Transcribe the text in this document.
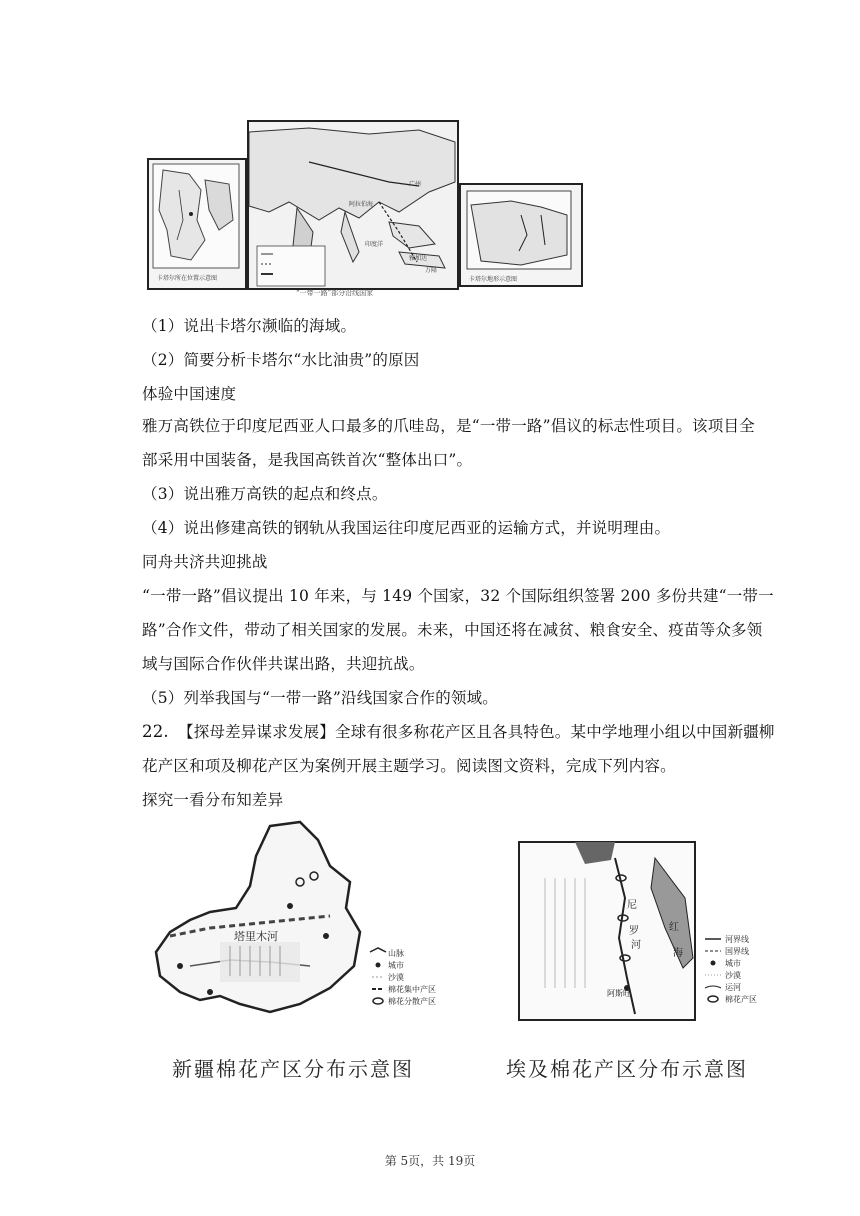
卡塔尔所在位置示意图
印度洋
阿拉伯海
雅加达
广州
万隆
“一带一路”部分沿线国家
卡塔尔地形示意图
（1）说出卡塔尔濒临的海域。
（2）简要分析卡塔尔“水比油贵”的原因
体验中国速度
雅万高铁位于印度尼西亚人口最多的爪哇岛，是“一带一路”倡议的标志性项目。该项目全
部采用中国装备，是我国高铁首次“整体出口”。
（3）说出雅万高铁的起点和终点。
（4）说出修建高铁的钢轨从我国运往印度尼西亚的运输方式，并说明理由。
同舟共济共迎挑战
“一带一路”倡议提出 10 年来，与 149 个国家，32 个国际组织签署 200 多份共建“一带一
路”合作文件，带动了相关国家的发展。未来，中国还将在减贫、粮食安全、疫苗等众多领
域与国际合作伙伴共谋出路，共迎抗战。
（5）列举我国与“一带一路”沿线国家合作的领域。
22. 【探母差异谋求发展】全球有很多称花产区且各具特色。某中学地理小组以中国新疆柳
花产区和项及柳花产区为案例开展主题学习。阅读图文资料，完成下列内容。
探究一看分布知差异
塔里木河
山脉
城市
沙漠
棉花集中产区
棉花分散产区
新疆棉花产区分布示意图
尼
罗
河
红
海
阿斯旺
河界线
国界线
城市
沙漠
运河
棉花产区
埃及棉花产区分布示意图
第 5页，共 19页
